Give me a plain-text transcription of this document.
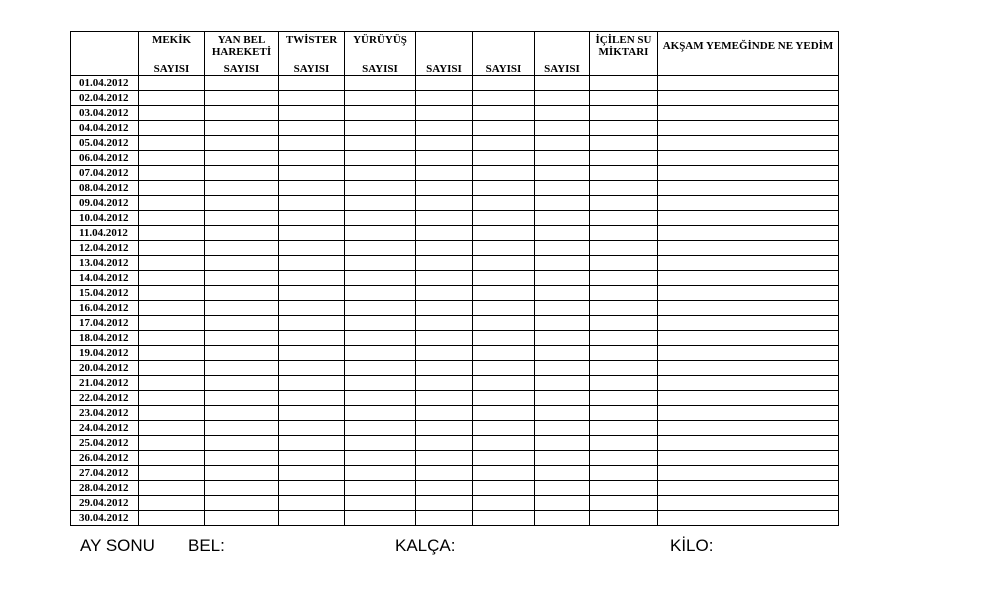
	MEKİK	YAN BEL HAREKETİ	TWİSTER	YÜRÜYÜŞ				İÇİLEN SU MİKTARI	AKŞAM YEMEĞİNDE NE YEDİM
	SAYISI	SAYISI	SAYISI	SAYISI	SAYISI	SAYISI	SAYISI		
01.04.2012									
02.04.2012									
03.04.2012									
04.04.2012									
05.04.2012									
06.04.2012									
07.04.2012									
08.04.2012									
09.04.2012									
10.04.2012									
11.04.2012									
12.04.2012									
13.04.2012									
14.04.2012									
15.04.2012									
16.04.2012									
17.04.2012									
18.04.2012									
19.04.2012									
20.04.2012									
21.04.2012									
22.04.2012									
23.04.2012									
24.04.2012									
25.04.2012									
26.04.2012									
27.04.2012									
28.04.2012									
29.04.2012									
30.04.2012									
AY SONU BEL:	KALÇA:	KİLO:
